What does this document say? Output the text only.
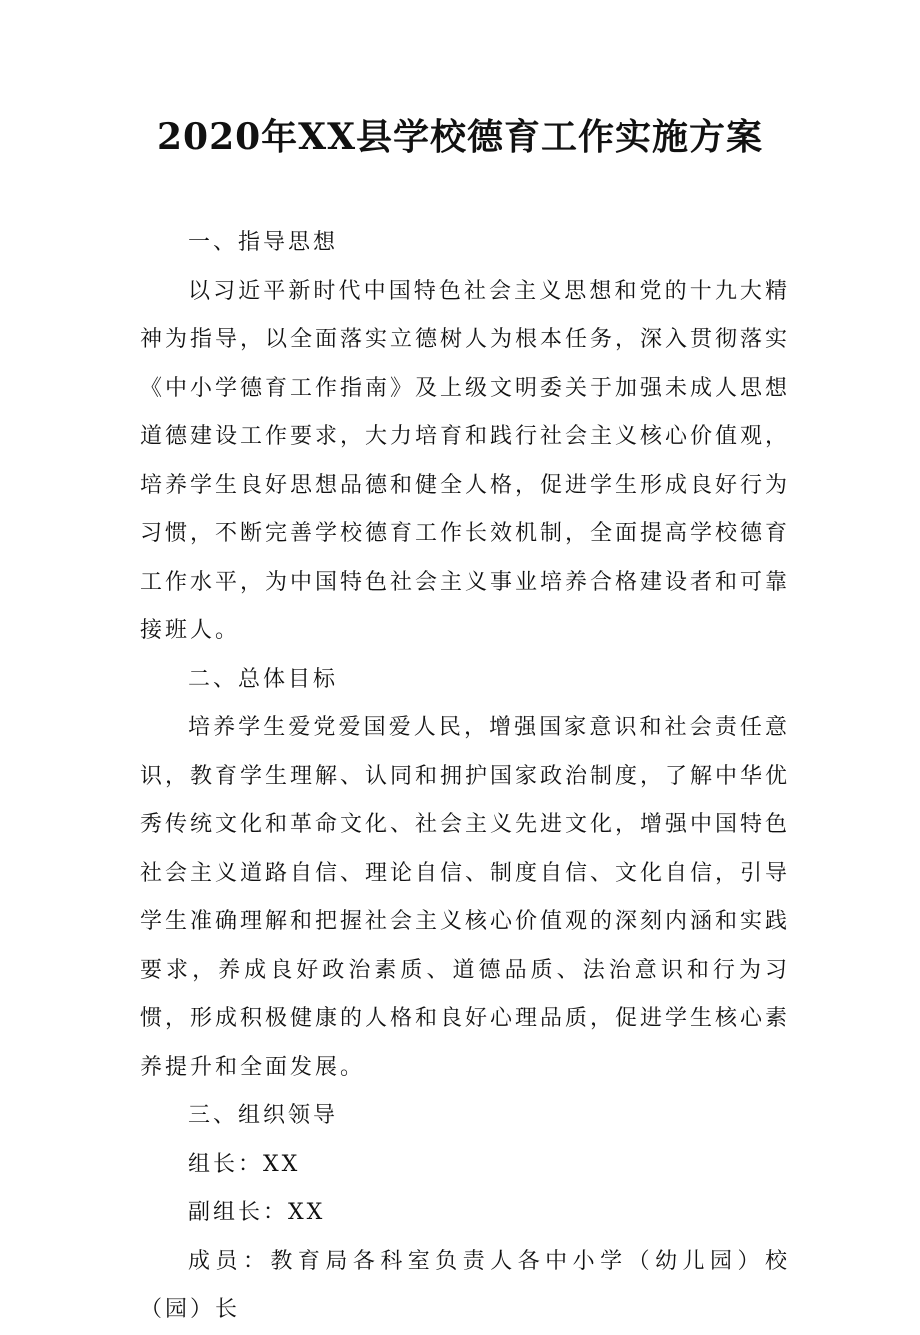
2020年XX县学校德育工作实施方案

一、指导思想

以习近平新时代中国特色社会主义思想和党的十九大精神为指导，以全面落实立德树人为根本任务，深入贯彻落实《中小学德育工作指南》及上级文明委关于加强未成人思想道德建设工作要求，大力培育和践行社会主义核心价值观，培养学生良好思想品德和健全人格，促进学生形成良好行为习惯，不断完善学校德育工作长效机制，全面提高学校德育工作水平，为中国特色社会主义事业培养合格建设者和可靠接班人。

二、总体目标

培养学生爱党爱国爱人民，增强国家意识和社会责任意识，教育学生理解、认同和拥护国家政治制度，了解中华优秀传统文化和革命文化、社会主义先进文化，增强中国特色社会主义道路自信、理论自信、制度自信、文化自信，引导学生准确理解和把握社会主义核心价值观的深刻内涵和实践要求，养成良好政治素质、道德品质、法治意识和行为习惯，形成积极健康的人格和良好心理品质，促进学生核心素养提升和全面发展。

三、组织领导

组长：XX

副组长：XX

成员：教育局各科室负责人各中小学（幼儿园）校（园）长
